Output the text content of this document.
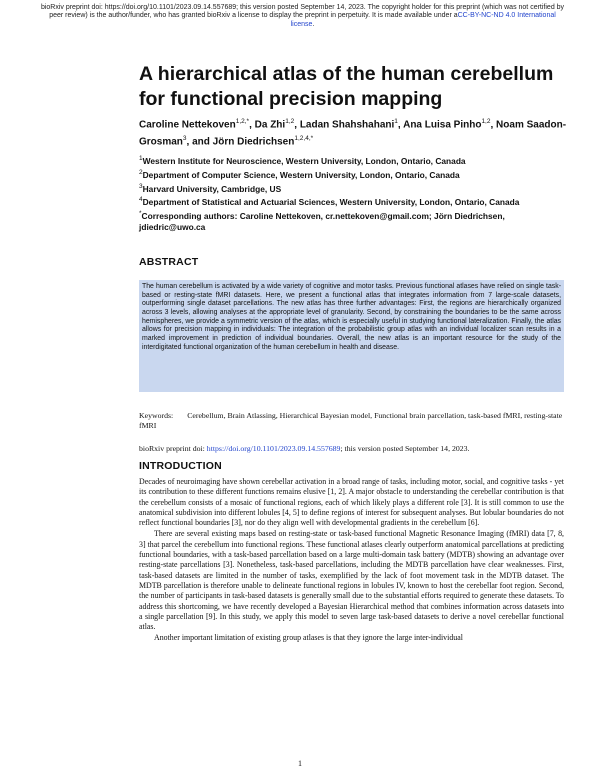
bioRxiv preprint doi: https://doi.org/10.1101/2023.09.14.557689; this version posted September 14, 2023. The copyright holder for this preprint (which was not certified by peer review) is the author/funder, who has granted bioRxiv a license to display the preprint in perpetuity. It is made available under aCC-BY-NC-ND 4.0 International license.
A hierarchical atlas of the human cerebellum for functional precision mapping
Caroline Nettekoven$^{1,2,*}$, Da Zhi$^{1,2}$, Ladan Shahshahani$^1$, Ana Luisa Pinho$^{1,2}$, Noam Saadon-Grosman$^3$, and Jörn Diedrichsen$^{1,2,4,*}$
$^1$Western Institute for Neuroscience, Western University, London, Ontario, Canada
$^2$Department of Computer Science, Western University, London, Ontario, Canada
$^3$Harvard University, Cambridge, US
$^4$Department of Statistical and Actuarial Sciences, Western University, London, Ontario, Canada
*Corresponding authors: Caroline Nettekoven, cr.nettekoven@gmail.com; Jörn Diedrichsen, jdiedric@uwo.ca
ABSTRACT
The human cerebellum is activated by a wide variety of cognitive and motor tasks. Previous functional atlases have relied on single task-based or resting-state fMRI datasets. Here, we present a functional atlas that integrates information from 7 large-scale datasets, outperforming single dataset parcellations. The new atlas has three further advantages: First, the regions are hierarchically organized across 3 levels, allowing analyses at the appropriate level of granularity. Second, by constraining the boundaries to be the same across hemispheres, we provide a symmetric version of the atlas, which is especially useful in studying functional lateralization. Finally, the atlas allows for precision mapping in individuals: The integration of the probabilistic group atlas with an individual localizer scan results in a marked improvement in prediction of individual boundaries. Overall, the new atlas is an important resource for the study of the interdigitated functional organization of the human cerebellum in health and disease.
Keywords: Cerebellum, Brain Atlassing, Hierarchical Bayesian model, Functional brain parcellation, task-based fMRI, resting-state fMRI
bioRxiv preprint doi: https://doi.org/10.1101/2023.09.14.557689; this version posted September 14, 2023.
INTRODUCTION

Decades of neuroimaging have shown cerebellar activation in a broad range of tasks, including motor, social, and cognitive tasks - yet its contribution to these different functions remains elusive [1, 2]. A major obstacle to understanding the cerebellar contribution is that the cerebellum consists of a mosaic of functional regions, each of which likely plays a different role [3]. It is still common to use the anatomical subdivision into different lobules [4, 5] to define regions of interest for subsequent analyses. But lobular boundaries do not reflect functional boundaries [3], nor do they align well with developmental gradients in the cerebellum [6].

There are several existing maps based on resting-state or task-based functional Magnetic Resonance Imaging (fMRI) data [7, 8, 3] that parcel the cerebellum into functional regions. These functional atlases clearly outperform anatomical parcellations at predicting functional boundaries, with a task-based parcellation based on a large multi-domain task battery (MDTB) showing an advantage over resting-state parcellations [3]. Nonetheless, task-based parcellations, including the MDTB parcellation have clear weaknesses. First, task-based datasets are limited in the number of tasks, exemplified by the lack of foot movement task in the MDTB dataset. The MDTB parcellation is therefore unable to delineate functional regions in lobules IV, known to host the cerebellar foot region. Second, the number of participants in task-based datasets is generally small due to the substantial efforts required to generate these datasets. To address this shortcoming, we have recently developed a Bayesian Hierarchical method that combines information across datasets into a single parcellation [9]. In this study, we apply this model to seven large task-based datasets to derive a novel cerebellar functional atlas.

Another important limitation of existing group atlases is that they ignore the large inter-individual

1
